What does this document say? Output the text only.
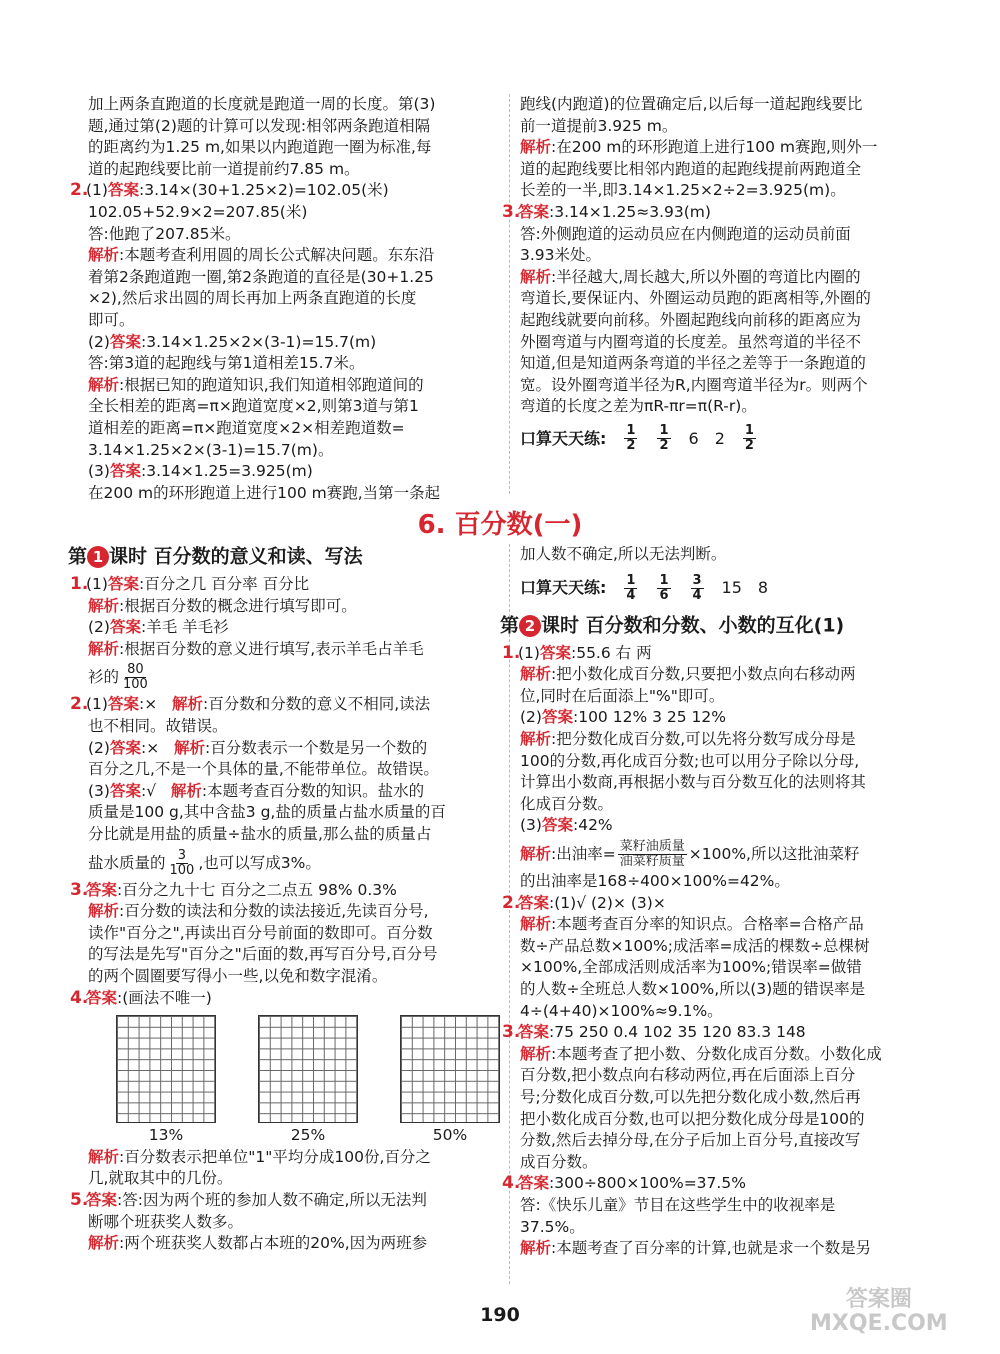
加上两条直跑道的长度就是跑道一周的长度。第(3)
题,通过第(2)题的计算可以发现:相邻两条跑道相隔
的距离约为1.25 m,如果以内跑道跑一圈为标准,每
道的起跑线要比前一道提前约7.85 m。
2.(1)答案:3.14×(30+1.25×2)=102.05(米)
102.05+52.9×2=207.85(米)
答:他跑了207.85米。
解析:本题考查利用圆的周长公式解决问题。东东沿
着第2条跑道跑一圈,第2条跑道的直径是(30+1.25
×2),然后求出圆的周长再加上两条直跑道的长度
即可。
(2)答案:3.14×1.25×2×(3-1)=15.7(m)
答:第3道的起跑线与第1道相差15.7米。
解析:根据已知的跑道知识,我们知道相邻跑道间的
全长相差的距离=π×跑道宽度×2,则第3道与第1
道相差的距离=π×跑道宽度×2×相差跑道数=
3.14×1.25×2×(3-1)=15.7(m)。
(3)答案:3.14×1.25=3.925(m)
在200 m的环形跑道上进行100 m赛跑,当第一条起
跑线(内跑道)的位置确定后,以后每一道起跑线要比
前一道提前3.925 m。
解析:在200 m的环形跑道上进行100 m赛跑,则外一
道的起跑线要比相邻内跑道的起跑线提前两跑道全
长差的一半,即3.14×1.25×2÷2=3.925(m)。
3.答案:3.14×1.25≈3.93(m)
答:外侧跑道的运动员应在内侧跑道的运动员前面
3.93米处。
解析:半径越大,周长越大,所以外圈的弯道比内圈的
弯道长,要保证内、外圈运动员跑的距离相等,外圈的
起跑线就要向前移。外圈起跑线向前移的距离应为
外圈弯道与内圈弯道的长度差。虽然弯道的半径不
知道,但是知道两条弯道的半径之差等于一条跑道的
宽。设外圈弯道半径为R,内圈弯道半径为r。则两个
弯道的长度之差为πR-πr=π(R-r)。
口算天天练: $\frac{1}{2} \frac{1}{2} 6$ $2 \frac{1}{2}$
6. 百分数(一)
第 1 课时 百分数的意义和读、写法
1.(1)答案:百分之几 百分率 百分比
解析:根据百分数的概念进行填写即可。
(2)答案:羊毛 羊毛衫
解析:根据百分数的意义进行填写,表示羊毛占羊毛
衫的 $\frac{80}{100}$
2.(1)答案:× 解析:百分数和分数的意义不相同,读法
也不相同。故错误。
(2)答案:× 解析:百分数表示一个数是另一个数的
百分之几,不是一个具体的量,不能带单位。故错误。
(3)答案:√ 解析:本题考查百分数的知识。盐水的
质量是100 g,其中含盐3 g,盐的质量占盐水质量的百
分比就是用盐的质量÷盐水的质量,那么盐的质量占
盐水质量的 $\frac{3}{100}$ ,也可以写成3%。
3.答案:百分之九十七 百分之二点五 98% 0.3%
解析:百分数的读法和分数的读法接近,先读百分号,
读作"百分之",再读出百分号前面的数即可。百分数
的写法是先写"百分之"后面的数,再写百分号,百分号
的两个圆圈要写得小一些,以免和数字混淆。
4.答案:(画法不唯一)
13%	25%	50%
解析:百分数表示把单位"1"平均分成100份,百分之
几,就取其中的几份。
5.答案:答:因为两个班的参加人数不确定,所以无法判
断哪个班获奖人数多。
解析:两个班获奖人数都占本班的20%,因为两班参
加人数不确定,所以无法判断。
口算天天练: $\frac{1}{4} \frac{1}{6} \frac{3}{4} 15$ 8
第 2 课时 百分数和分数、小数的互化(1)
1.(1)答案:55.6 右 两
解析:把小数化成百分数,只要把小数点向右移动两
位,同时在后面添上"%"即可。
(2)答案:100 12% 3 25 12%
解析:把分数化成百分数,可以先将分数写成分母是
100的分数,再化成百分数;也可以用分子除以分母,
计算出小数商,再根据小数与百分数互化的法则将其
化成百分数。
(3)答案:42%
解析:出油率= $\frac{\text{菜籽油质量}}{\text{油菜籽质量}} \times 100\%$,所以这批油菜籽
的出油率是168÷400×100%=42%。
2.答案:(1)√ (2)× (3)×
解析:本题考查百分率的知识点。合格率=合格产品
数÷产品总数×100%;成活率=成活的棵数÷总棵树
×100%,全部成活则成活率为100%;错误率=做错
的人数÷全班总人数×100%,所以(3)题的错误率是
4÷(4+40)×100%≈9.1%。
3.答案:75 250 0.4 102 35 120 83.3 148
解析:本题考查了把小数、分数化成百分数。小数化成
百分数,把小数点向右移动两位,再在后面添上百分
号;分数化成百分数,可以先把分数化成小数,然后再
把小数化成百分数,也可以把分数化成分母是100的
分数,然后去掉分母,在分子后加上百分号,直接改写
成百分数。
4.答案:300÷800×100%=37.5%
答:《快乐儿童》节目在这些学生中的收视率是
37.5%。
解析:本题考查了百分率的计算,也就是求一个数是另
190
答案圈
MXQE.COM
